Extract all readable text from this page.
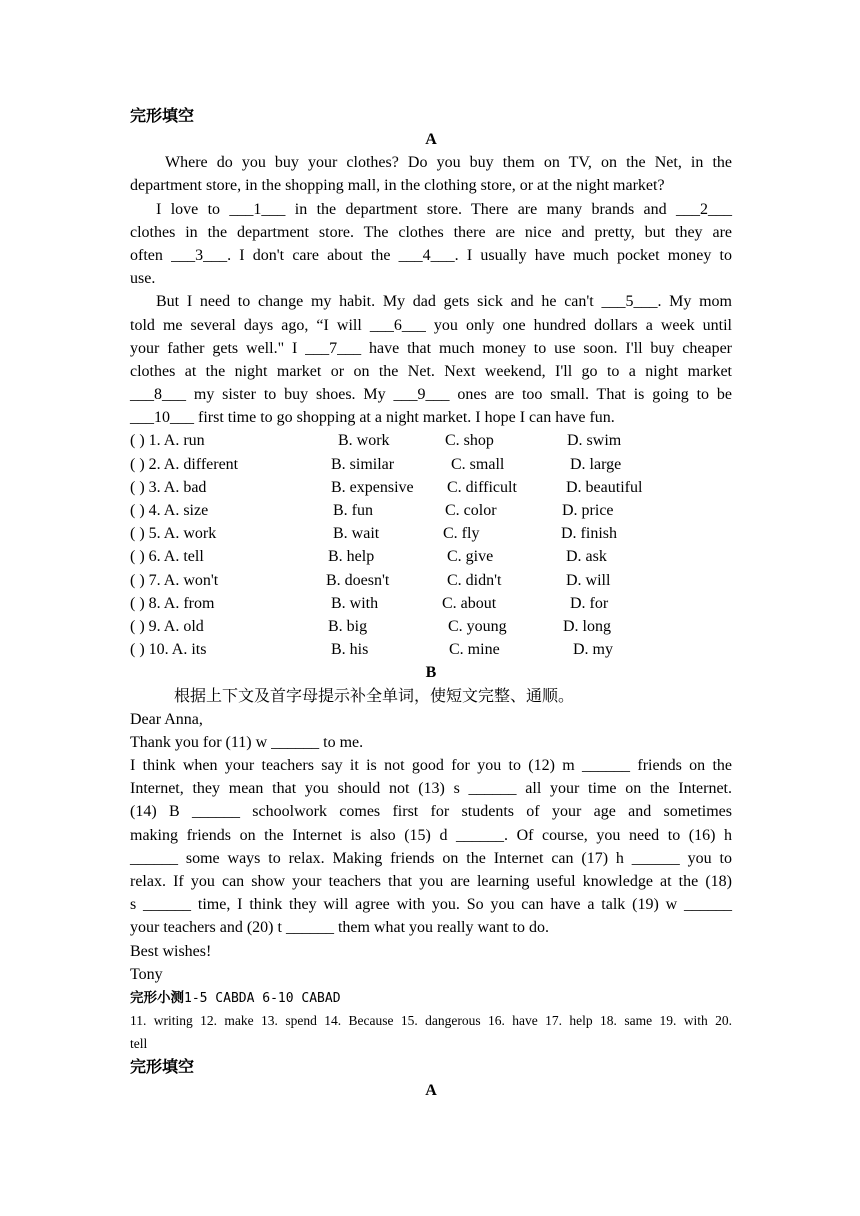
完形填空
A
Where do you buy your clothes? Do you buy them on TV, on the Net, in the
department store, in the shopping mall, in the clothing store, or at the night market?
I love to ___1___ in the department store. There are many brands and ___2___
clothes in the department store. The clothes there are nice and pretty, but they are
often ___3___. I don't care about the ___4___. I usually have much pocket money to
use.
But I need to change my habit. My dad gets sick and he can't ___5___. My mom
told me several days ago, “I will ___6___ you only one hundred dollars a week until
your father gets well." I ___7___ have that much money to use soon. I'll buy cheaper
clothes at the night market or on the Net. Next weekend, I'll go to a night market
___8___ my sister to buy shoes. My ___9___ ones are too small. That is going to be
___10___ first time to go shopping at a night market. I hope I can have fun.
( ) 1. A. run	B. work	C. shop	D. swim
( ) 2. A. different	B. similar	C. small	D. large
( ) 3. A. bad	B. expensive C. difficult	D. beautiful
( ) 4. A. size	B. fun	C. color	D. price
( ) 5. A. work	B. wait	C. fly	D. finish
( ) 6. A. tell	B. help	C. give	D. ask
( ) 7. A. won't	B. doesn't	C. didn't	D. will
( ) 8. A. from	B. with	C. about	D. for
( ) 9. A. old	B. big	C. young	D. long
( ) 10. A. its	B. his	C. mine	D. my
B
根据上下文及首字母提示补全单词，使短文完整、通顺。
Dear Anna,
Thank you for (11) w ______ to me.
I think when your teachers say it is not good for you to (12) m ______ friends on the
Internet, they mean that you should not (13) s ______ all your time on the Internet.
(14) B ______ schoolwork comes first for students of your age and sometimes
making friends on the Internet is also (15) d ______. Of course, you need to (16) h
______ some ways to relax. Making friends on the Internet can (17) h ______ you to
relax. If you can show your teachers that you are learning useful knowledge at the (18)
s ______ time, I think they will agree with you. So you can have a talk (19) w ______
your teachers and (20) t ______ them what you really want to do.
Best wishes!
Tony
完形小测1-5 CABDA 6-10 CABAD
11. writing 12. make 13. spend 14. Because 15. dangerous 16. have 17. help 18. same 19. with 20.
tell
完形填空
A
